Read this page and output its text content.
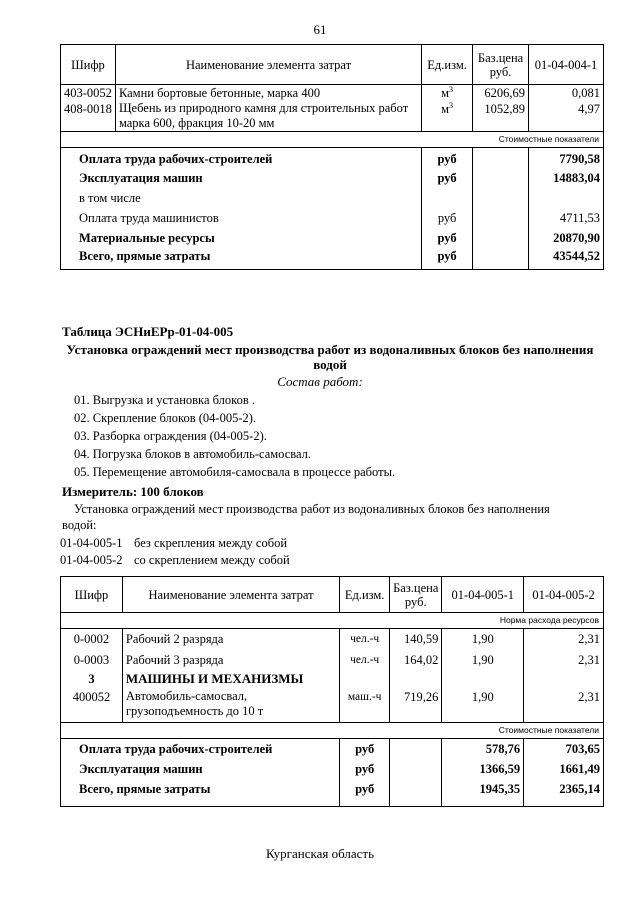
61
Шифр	Наименование элемента затрат	Ед.изм.	Баз.цена руб.	01-04-004-1
403-0052	Камни бортовые бетонные, марка 400	$м^3$	6206,69	0,081
408-0018	Щебень из природного камня для строительных работ марка 600, фракция 10-20 мм	$м^3$	1052,89	4,97
Стоимостные показатели				
Оплата труда рабочих-строителей		руб		7790,58
Эксплуатация машин		руб		14883,04
в том числе				
Оплата труда машинистов		руб		4711,53
Материальные ресурсы		руб		20870,90
Всего, прямые затраты		руб		43544,52
Таблица ЭСНиЕРр-01-04-005
Установка ограждений мест производства работ из водоналивных блоков без наполнения водой
Состав работ:
01. Выгрузка и установка блоков .
02. Скрепление блоков (04-005-2).
03. Разборка ограждения (04-005-2).
04. Погрузка блоков в автомобиль-самосвал.
05. Перемещение автомобиля-самосвала в процессе работы.
Измеритель: 100 блоков
Установка ограждений мест производства работ из водоналивных блоков без наполнения
водой:
01-04-005-1 без скрепления между собой
01-04-005-2 со скреплением между собой
Шифр	Наименование элемента затрат	Ед.изм.	Баз.цена руб.	01-04-005-1	01-04-005-2
Норма расхода ресурсов					
0-0002	Рабочий 2 разряда	чел.-ч	140,59	1,90	2,31
0-0003	Рабочий 3 разряда	чел.-ч	164,02	1,90	2,31
3	МАШИНЫ И МЕХАНИЗМЫ				
400052	Автомобиль-самосвал, грузоподъемность до 10 т	маш.-ч	719,26	1,90	2,31
Стоимостные показатели					
Оплата труда рабочих-строителей		руб		578,76	703,65
Эксплуатация машин		руб		1366,59	1661,49
Всего, прямые затраты		руб		1945,35	2365,14
Курганская область
